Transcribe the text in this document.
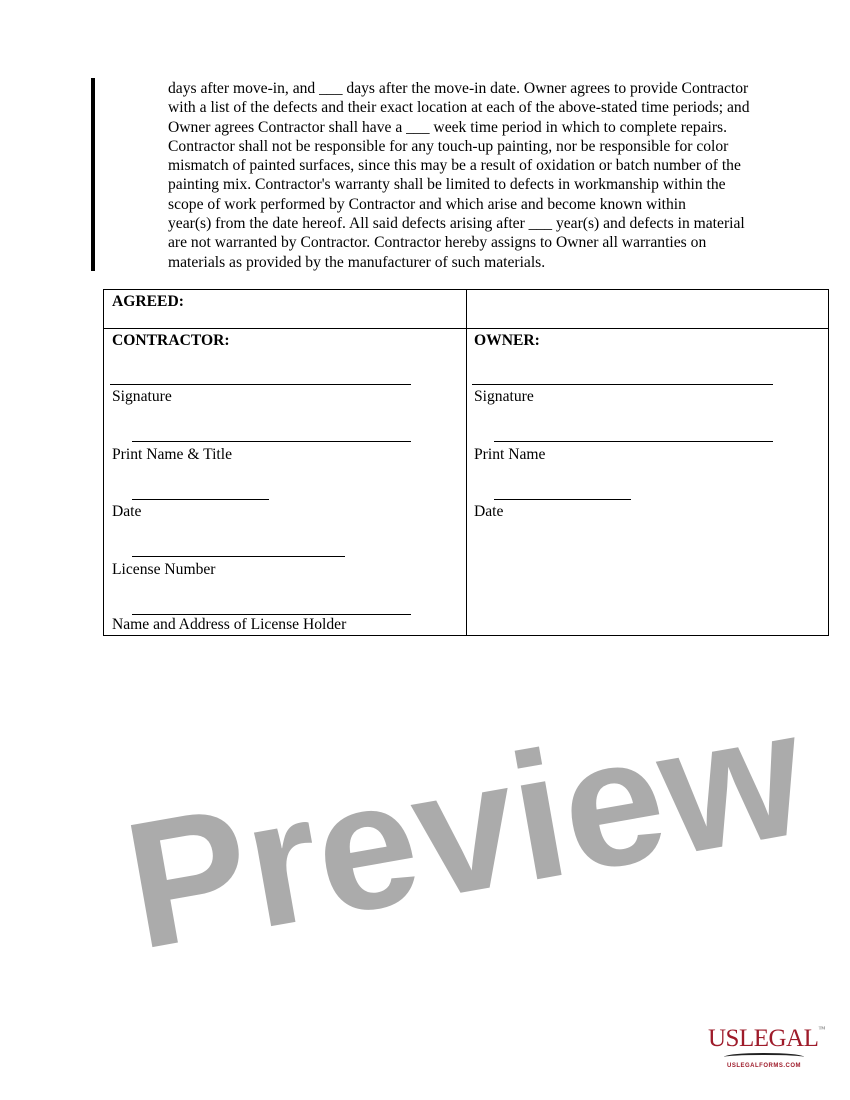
days after move-in, and ___ days after the move-in date. Owner agrees to provide Contractor
with a list of the defects and their exact location at each of the above-stated time periods; and
Owner agrees Contractor shall have a ___ week time period in which to complete repairs.
Contractor shall not be responsible for any touch-up painting, nor be responsible for color
mismatch of painted surfaces, since this may be a result of oxidation or batch number of the
painting mix. Contractor's warranty shall be limited to defects in workmanship within the
scope of work performed by Contractor and which arise and become known within
year(s) from the date hereof. All said defects arising after ___ year(s) and defects in material
are not warranted by Contractor. Contractor hereby assigns to Owner all warranties on
materials as provided by the manufacturer of such materials.
AGREED:
CONTRACTOR:
Signature
Print Name & Title
Date
License Number
Name and Address of License Holder
OWNER:
Signature
Print Name
Date
Preview
USLEGAL™
USLEGALFORMS.COM
